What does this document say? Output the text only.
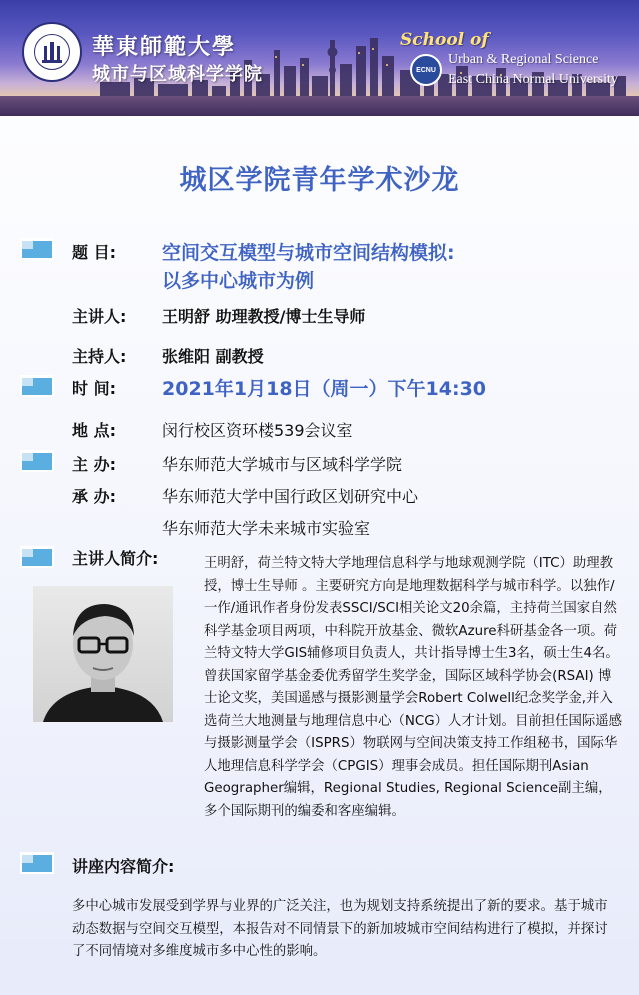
華東師範大學
城市与区域科学学院
School of
ECNU
Urban & Regional Science
East China Normal University
城区学院青年学术沙龙
题 目: 空间交互模型与城市空间结构模拟:
以多中心城市为例
主讲人: 王明舒 助理教授/博士生导师
主持人: 张维阳 副教授
时 间: 2021年1月18日（周一）下午14:30
地 点:	闵行校区资环楼539会议室
主 办:	华东师范大学城市与区域科学学院
承 办:	华东师范大学中国行政区划研究中心
华东师范大学未来城市实验室
主讲人简介:	王明舒，荷兰特文特大学地理信息科学与地球观测学院（ITC）助理教授，博士生导师 。主要研究方向是地理数据科学与城市科学。以独作/一作/通讯作者身份发表SSCI/SCI相关论文20余篇，主持荷兰国家自然科学基金项目两项，中科院开放基金、微软Azure科研基金各一项。荷兰特文特大学GIS辅修项目负责人，共计指导博士生3名，硕士生4名。曾获国家留学基金委优秀留学生奖学金，国际区域科学协会(RSAI) 博士论文奖，美国遥感与摄影测量学会Robert Colwell纪念奖学金,并入选荷兰大地测量与地理信息中心（NCG）人才计划。目前担任国际遥感与摄影测量学会（ISPRS）物联网与空间决策支持工作组秘书，国际华人地理信息科学学会（CPGIS）理事会成员。担任国际期刊Asian Geographer编辑，Regional Studies, Regional Science副主编，多个国际期刊的编委和客座编辑。

讲座内容简介:

多中心城市发展受到学界与业界的广泛关注，也为规划支持系统提出了新的要求。基于城市动态数据与空间交互模型，本报告对不同情景下的新加坡城市空间结构进行了模拟，并探讨了不同情境对多维度城市多中心性的影响。
